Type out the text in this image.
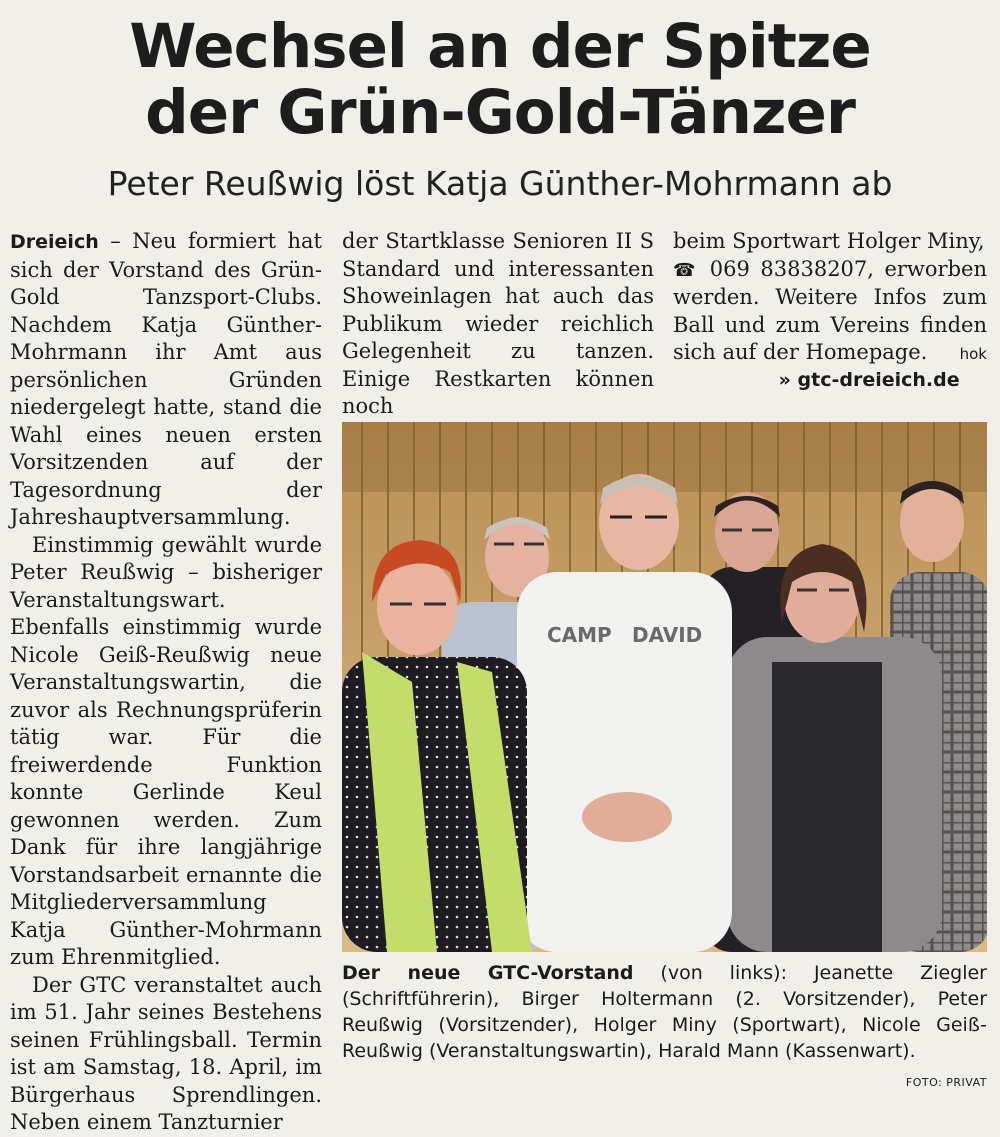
Wechsel an der Spitze
der Grün-Gold-Tänzer
Peter Reußwig löst Katja Günther-Mohrmann ab

Dreieich – Neu formiert hat sich der Vorstand des Grün-Gold Tanzsport-Clubs. Nachdem Katja Günther-Mohrmann ihr Amt aus persönlichen Gründen niedergelegt hatte, stand die Wahl eines neuen ersten Vorsitzenden auf der Tagesordnung der Jahreshauptversammlung.

Einstimmig gewählt wurde Peter Reußwig – bisheriger Veranstaltungswart. Ebenfalls einstimmig wurde Nicole Geiß-Reußwig neue Veranstaltungswartin, die zuvor als Rechnungsprüferin tätig war. Für die freiwerdende Funktion konnte Gerlinde Keul gewonnen werden. Zum Dank für ihre langjährige Vorstandsarbeit ernannte die Mitgliederversammlung Katja Günther-Mohrmann zum Ehrenmitglied.

Der GTC veranstaltet auch im 51. Jahr seines Bestehens seinen Frühlingsball. Termin ist am Samstag, 18. April, im Bürgerhaus Sprendlingen. Neben einem Tanzturnier

der Startklasse Senioren II S Standard und interessanten Showeinlagen hat auch das Publikum wieder reichlich Gelegenheit zu tanzen. Einige Restkarten können noch

beim Sportwart Holger Miny,
☎ 069 83838207, erworben werden. Weitere Infos zum Ball und zum Vereins finden sich auf der Homepage. hok

» gtc-dreieich.de
CAMP DAVID
Der neue GTC-Vorstand (von links): Jeanette Ziegler (Schriftführerin), Birger Holtermann (2. Vorsitzender), Peter Reußwig (Vorsitzender), Holger Miny (Sportwart), Nicole Geiß-Reußwig (Veranstaltungswartin), Harald Mann (Kassenwart).
FOTO: PRIVAT
